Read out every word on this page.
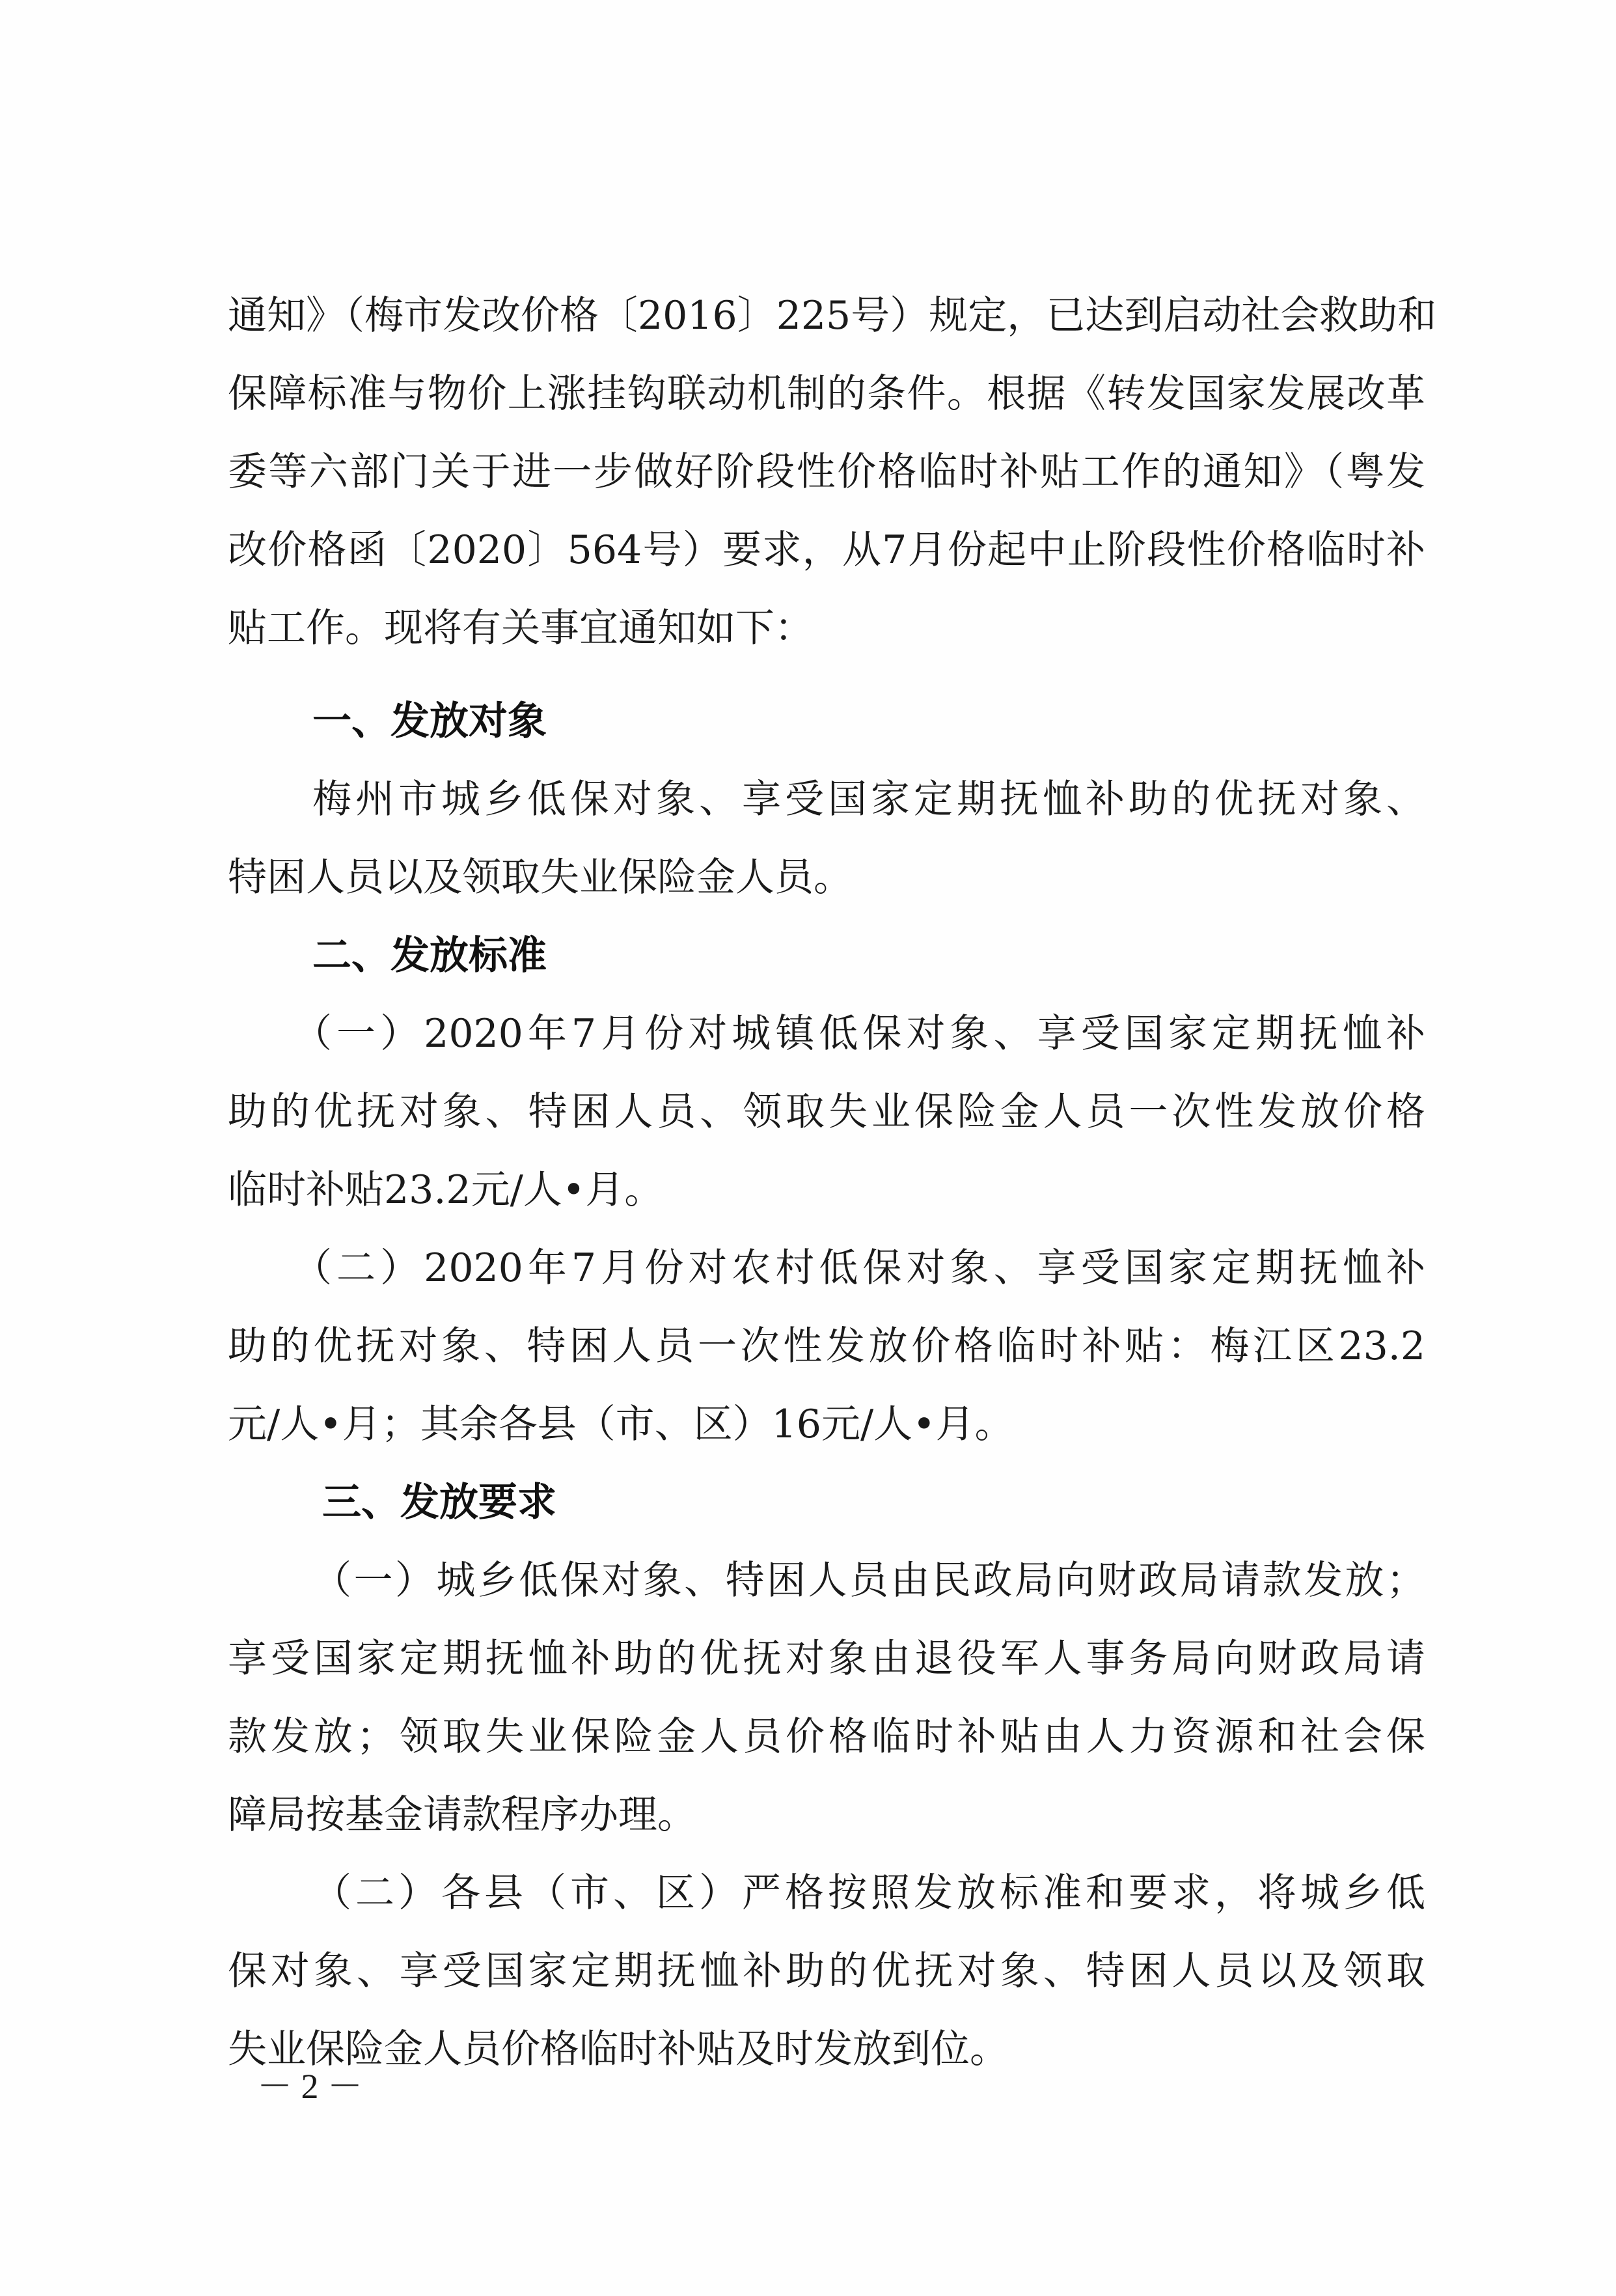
通知》（梅市发改价格〔2016〕225号）规定，已达到启动社会救助和
保障标准与物价上涨挂钩联动机制的条件。根据《转发国家发展改革
委等六部门关于进一步做好阶段性价格临时补贴工作的通知》（粤发
改价格函〔2020〕564号）要求，从7月份起中止阶段性价格临时补
贴工作。现将有关事宜通知如下：
一、发放对象
梅州市城乡低保对象、享受国家定期抚恤补助的优抚对象、
特困人员以及领取失业保险金人员。
二、发放标准
（一）2020年7月份对城镇低保对象、享受国家定期抚恤补
助的优抚对象、特困人员、领取失业保险金人员一次性发放价格
临时补贴23.2元/人•月。
（二）2020年7月份对农村低保对象、享受国家定期抚恤补
助的优抚对象、特困人员一次性发放价格临时补贴：梅江区23.2
元/人•月；其余各县（市、区）16元/人•月。
三、发放要求
（一）城乡低保对象、特困人员由民政局向财政局请款发放；
享受国家定期抚恤补助的优抚对象由退役军人事务局向财政局请
款发放；领取失业保险金人员价格临时补贴由人力资源和社会保
障局按基金请款程序办理。
（二）各县（市、区）严格按照发放标准和要求，将城乡低
保对象、享受国家定期抚恤补助的优抚对象、特困人员以及领取
失业保险金人员价格临时补贴及时发放到位。
－ 2 －
